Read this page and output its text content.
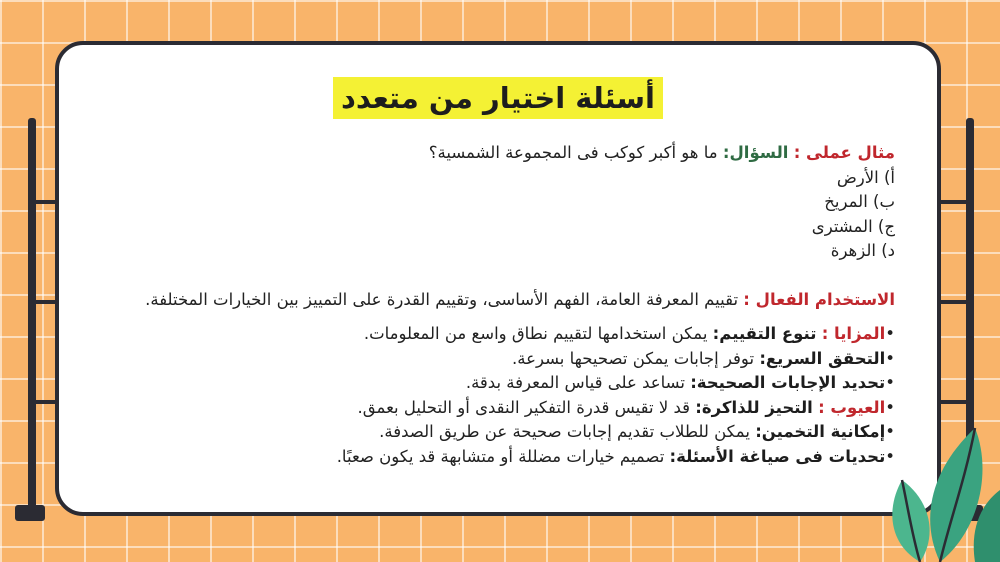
أسئلة اختيار من متعدد
مثال عملى : السؤال: ما هو أكبر كوكب فى المجموعة الشمسية؟
أ) الأرض
ب) المريخ
ج) المشترى
د) الزهرة
الاستخدام الفعال : تقييم المعرفة العامة، الفهم الأساسى، وتقييم القدرة على التمييز بين الخيارات المختلفة.
•المزايا : تنوع التقييم: يمكن استخدامها لتقييم نطاق واسع من المعلومات.
•التحقق السريع: توفر إجابات يمكن تصحيحها بسرعة.
•تحديد الإجابات الصحيحة: تساعد على قياس المعرفة بدقة.
•العيوب : التحيز للذاكرة: قد لا تقيس قدرة التفكير النقدى أو التحليل بعمق.
•إمكانية التخمين: يمكن للطلاب تقديم إجابات صحيحة عن طريق الصدفة.
•تحديات فى صياغة الأسئلة: تصميم خيارات مضللة أو متشابهة قد يكون صعبًا.
